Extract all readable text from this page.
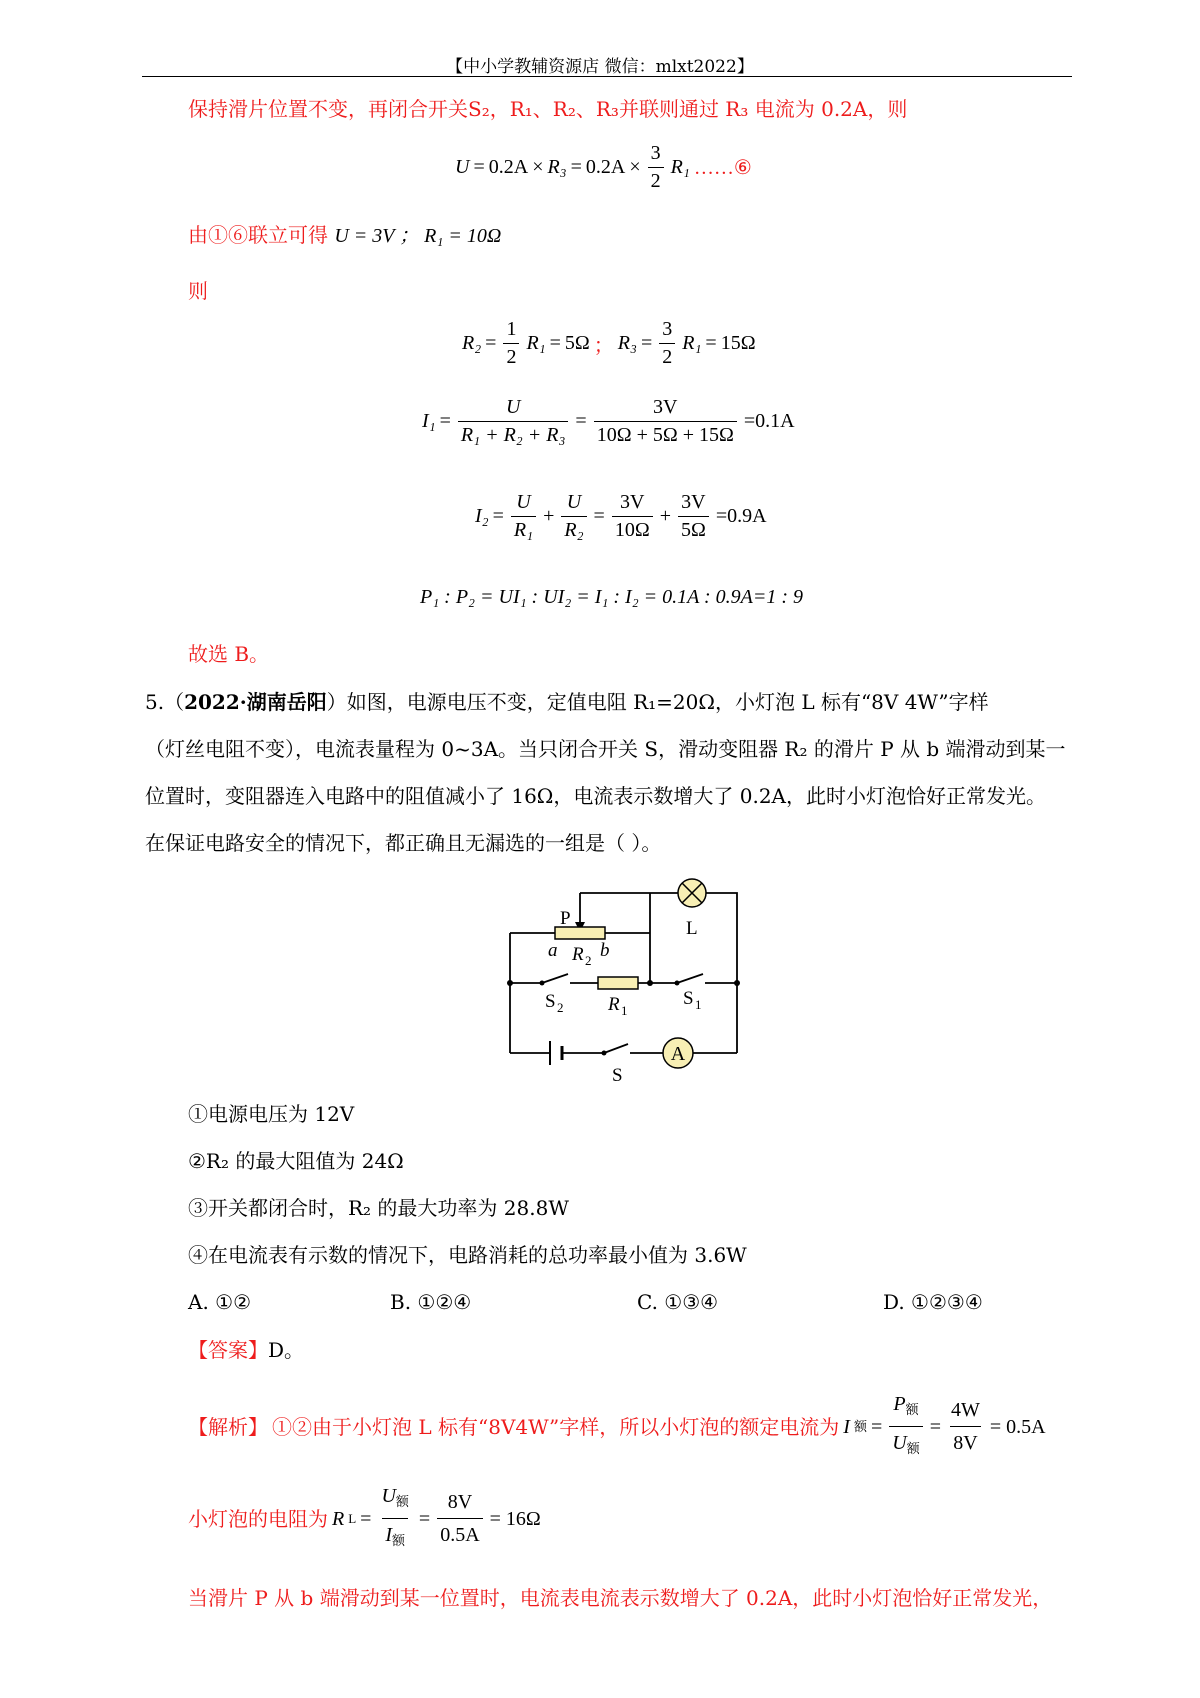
【中小学教辅资源店 微信：mlxt2022】
保持滑片位置不变，再闭合开关S₂，R₁、R₂、R₃并联则通过 R₃ 电流为 0.2A，则
$U = 0.2A \times R_3 = 0.2A \times \frac{3}{2} R_1$ ……⑥
由①⑥联立可得 U = 3V ； R₁ = 10Ω
则
$R_2 = \frac{1}{2} R_1 = 5\Omega$ ； $R_3 = \frac{3}{2} R_1 = 15\Omega$
$I_1 = \frac{U}{\text{R₁ + R₂ + R₃}} = \frac{3V}{10\Omega + 5\Omega + 15\Omega} =0.1A$
$I_2 = \frac{U}{\text{R₁}} + \frac{U}{\text{R₂}} = \frac{3V}{10\Omega} + \frac{3V}{5\Omega} =0.9A$
P₁ : P₂ = UI₁ : UI₂ = I₁ : I₂ = 0.1A : 0.9A=1 : 9
故选 B。
5.（2022·湖南岳阳）如图，电源电压不变，定值电阻 R₁=20Ω，小灯泡 L 标有“8V 4W”字样
（灯丝电阻不变），电流表量程为 0~3A。当只闭合开关 S，滑动变阻器 R₂ 的滑片 P 从 b 端滑动到某一
位置时，变阻器连入电路中的阻值减小了 16Ω，电流表示数增大了 0.2A，此时小灯泡恰好正常发光。
在保证电路安全的情况下，都正确且无漏选的一组是（ ）。
A
P	L
a R 2 b
S 2 R 1
S 1
S
①电源电压为 12V
②R₂ 的最大阻值为 24Ω
③开关都闭合时，R₂ 的最大功率为 28.8W
④在电流表有示数的情况下，电路消耗的总功率最小值为 3.6W
A. ①②	B. ①②④	C. ①③④	D. ①②③④
【答案】D。
【解析】 ①②由于小灯泡 L 标有“8V4W”字样，所以小灯泡的额定电流为 I 额 = $\frac{P_额}{U_额} = \frac{4W}{8V} = 0.5A$
小灯泡的电阻为 R $L = \frac{U_额}{I_额} = \frac{8V}{0.5A} = 16\Omega$
当滑片 P 从 b 端滑动到某一位置时，电流表电流表示数增大了 0.2A，此时小灯泡恰好正常发光，
